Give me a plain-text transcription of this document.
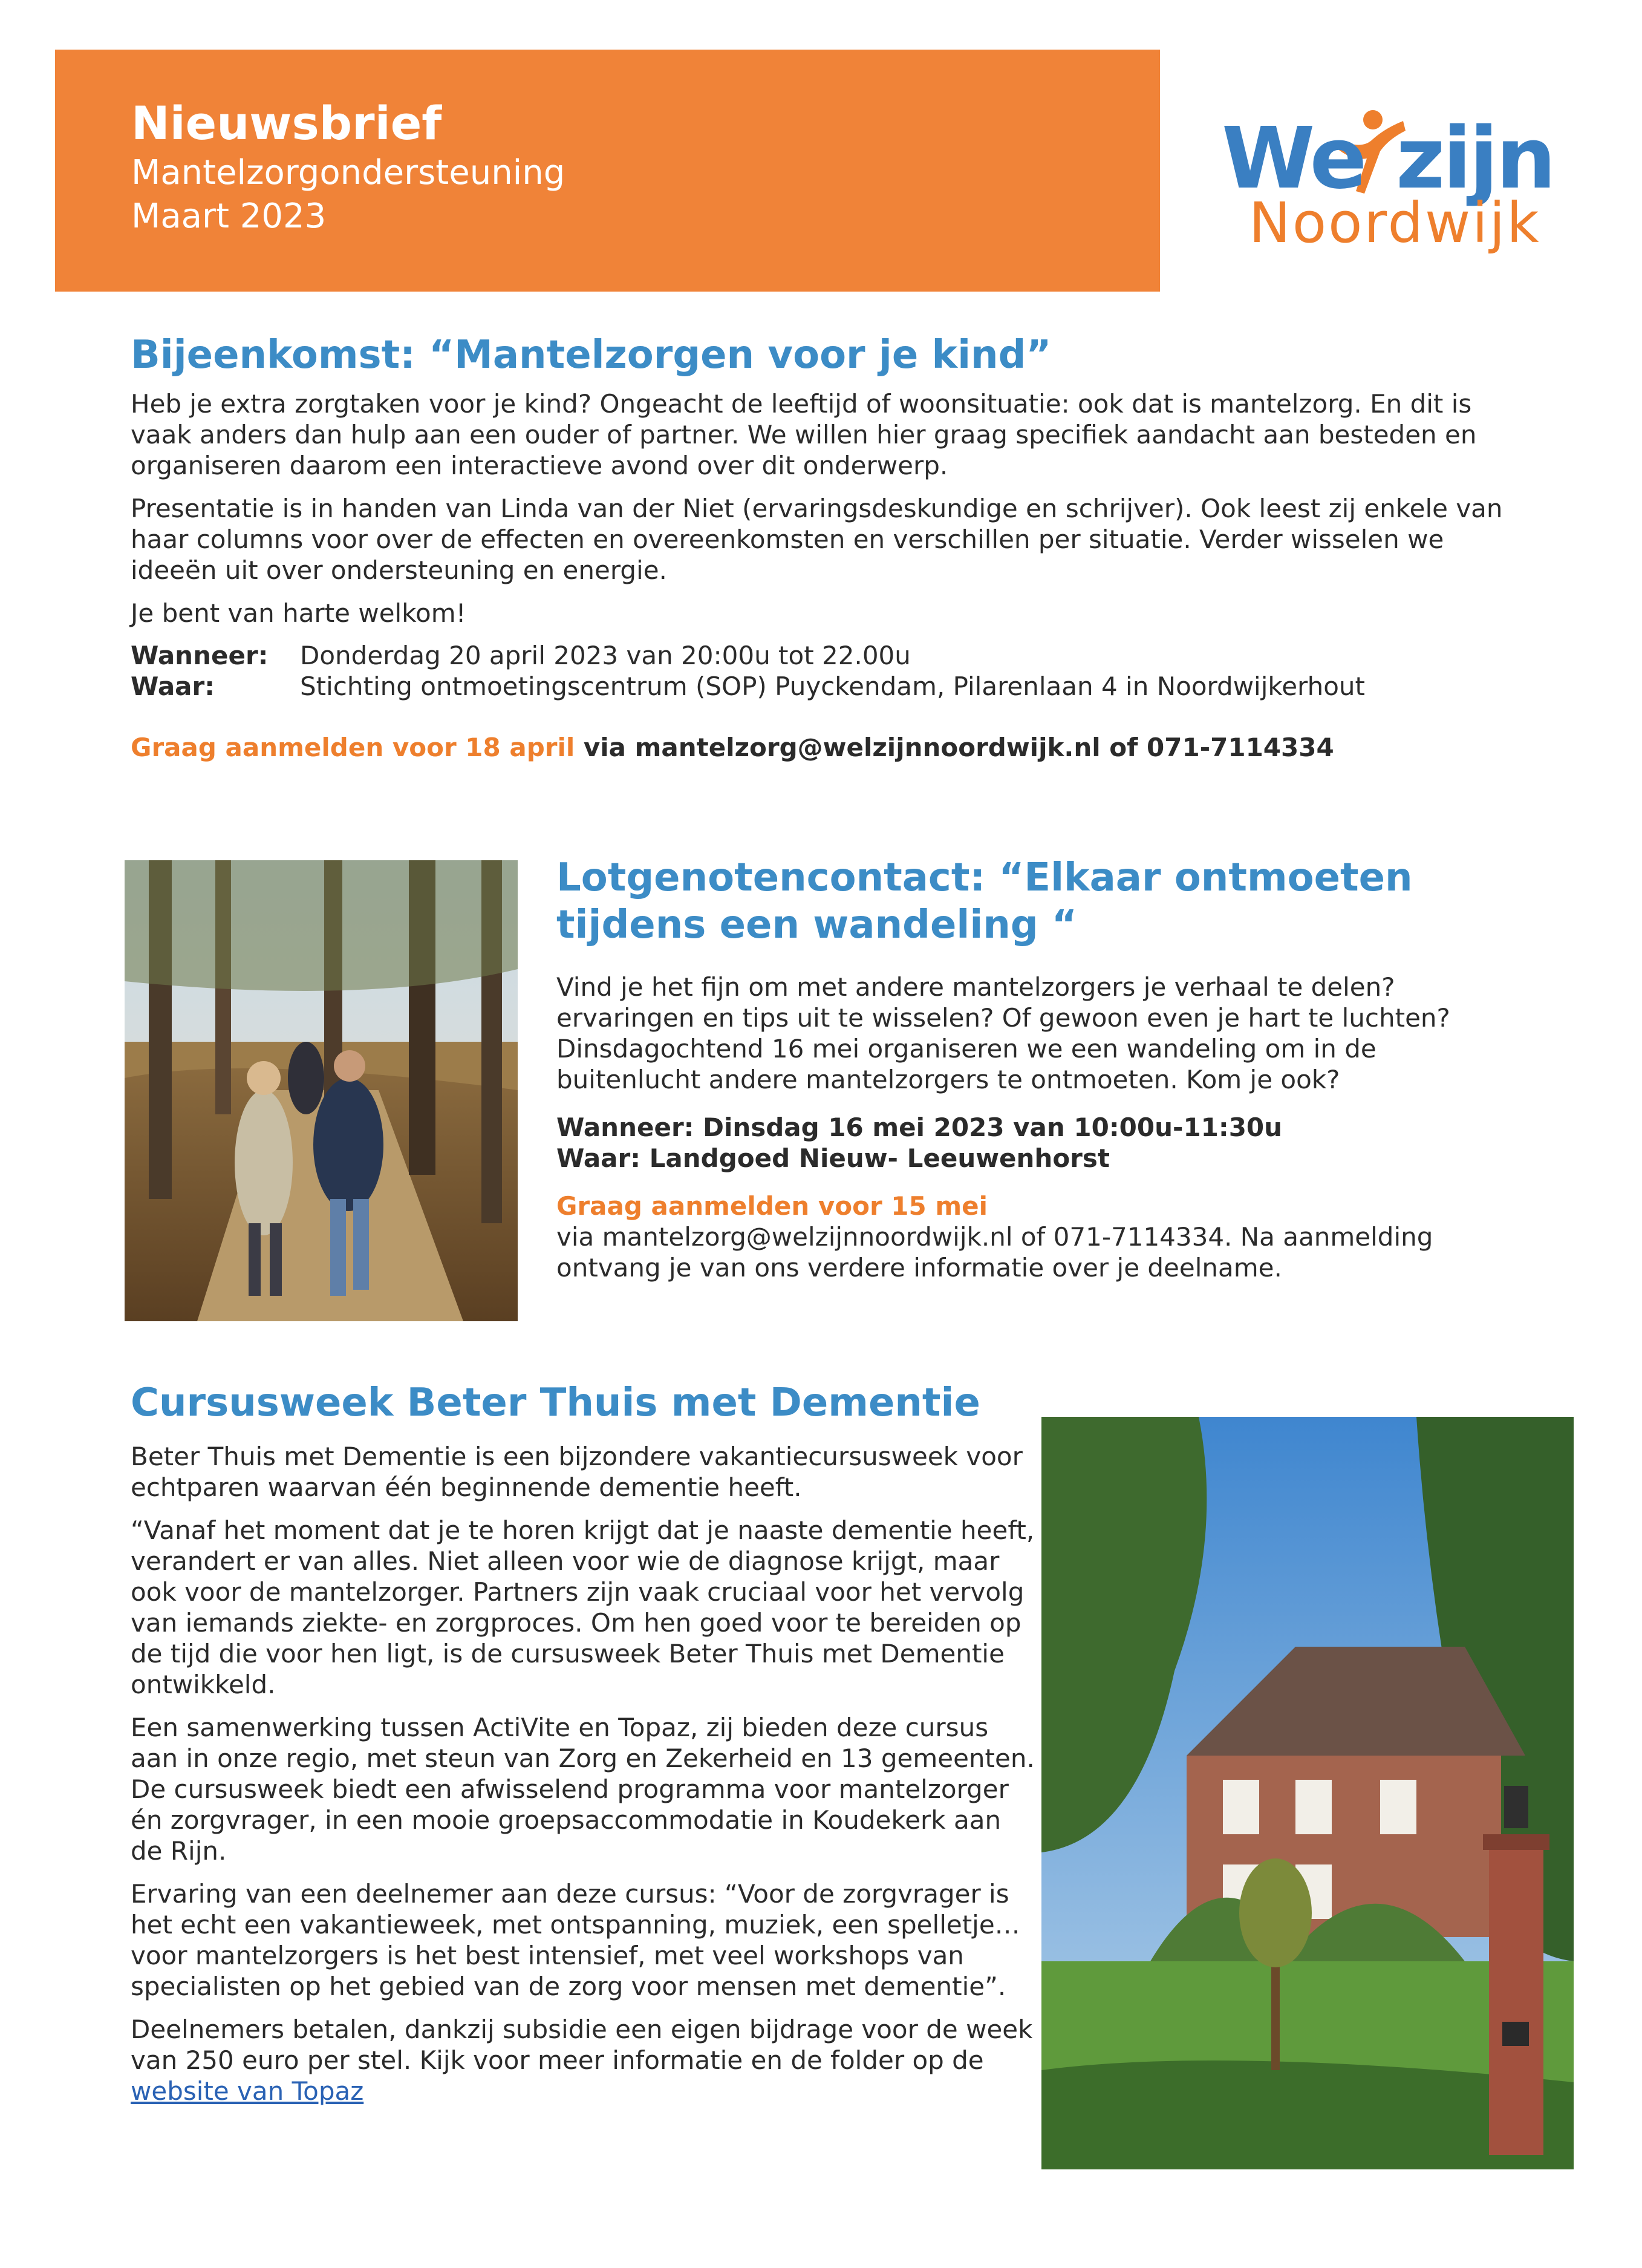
Nieuwsbrief
Mantelzorgondersteuning
Maart 2023
We zijn
Noordwijk
Bijeenkomst: “Mantelzorgen voor je kind”

Heb je extra zorgtaken voor je kind? Ongeacht de leeftijd of woonsituatie: ook dat is mantelzorg. En dit is vaak anders dan hulp aan een ouder of partner. We willen hier graag specifiek aandacht aan besteden en organiseren daarom een interactieve avond over dit onderwerp.

Presentatie is in handen van Linda van der Niet (ervaringsdeskundige en schrijver). Ook leest zij enkele van haar columns voor over de effecten en overeenkomsten en verschillen per situatie. Verder wisselen we ideeën uit over ondersteuning en energie.

Je bent van harte welkom!

Wanneer:	Donderdag 20 april 2023 van 20:00u tot 22.00u
Waar:	Stichting ontmoetingscentrum (SOP) Puyckendam, Pilarenlaan 4 in Noordwijkerhout

Graag aanmelden voor 18 april via mantelzorg@welzijnnoordwijk.nl of 071-7114334

Lotgenotencontact: “Elkaar ontmoeten tijdens een wandeling “

Vind je het fijn om met andere mantelzorgers je verhaal te delen? ervaringen en tips uit te wisselen? Of gewoon even je hart te luchten? Dinsdagochtend 16 mei organiseren we een wandeling om in de buitenlucht andere mantelzorgers te ontmoeten. Kom je ook?

Wanneer: Dinsdag 16 mei 2023 van 10:00u-11:30u
Waar: Landgoed Nieuw- Leeuwenhorst
Graag aanmelden voor 15 mei
via mantelzorg@welzijnnoordwijk.nl of 071-7114334. Na aanmelding ontvang je van ons verdere informatie over je deelname.
Cursusweek Beter Thuis met Dementie

Beter Thuis met Dementie is een bijzondere vakantiecursusweek voor echtparen waarvan één beginnende dementie heeft.

“Vanaf het moment dat je te horen krijgt dat je naaste dementie heeft, verandert er van alles. Niet alleen voor wie de diagnose krijgt, maar ook voor de mantelzorger. Partners zijn vaak cruciaal voor het vervolg van iemands ziekte- en zorgproces. Om hen goed voor te bereiden op de tijd die voor hen ligt, is de cursusweek Beter Thuis met Dementie ontwikkeld.

Een samenwerking tussen ActiVite en Topaz, zij bieden deze cursus aan in onze regio, met steun van Zorg en Zekerheid en 13 gemeenten. De cursusweek biedt een afwisselend programma voor mantelzorger én zorgvrager, in een mooie groepsaccommodatie in Koudekerk aan de Rijn.

Ervaring van een deelnemer aan deze cursus: “Voor de zorgvrager is het echt een vakantieweek, met ontspanning, muziek, een spelletje…voor mantelzorgers is het best intensief, met veel workshops van specialisten op het gebied van de zorg voor mensen met dementie”.

Deelnemers betalen, dankzij subsidie een eigen bijdrage voor de week van 250 euro per stel. Kijk voor meer informatie en de folder op de website van Topaz
